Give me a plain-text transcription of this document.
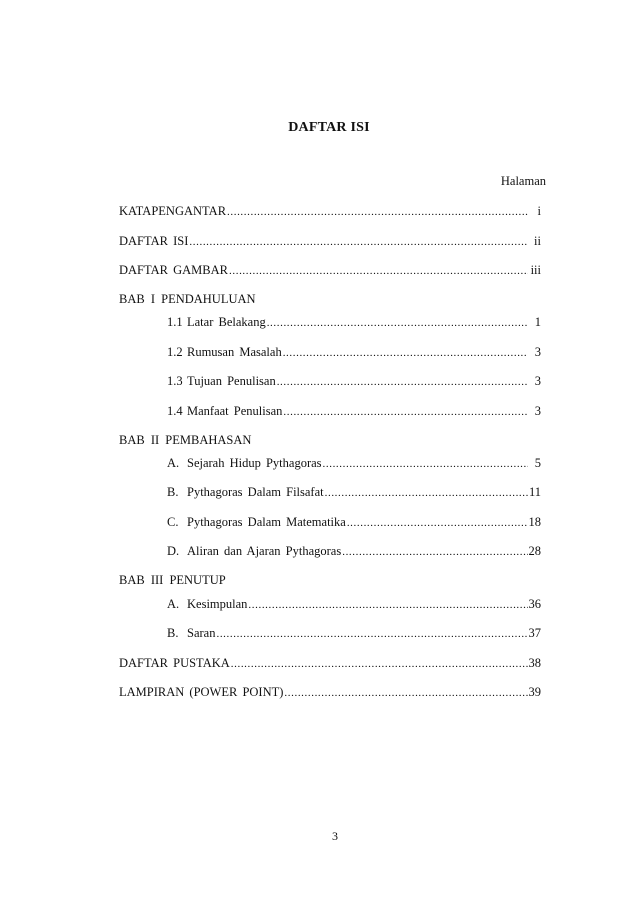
DAFTAR ISI
Halaman
KATAPENGANTAR .....	i
DAFTAR ISI .....	ii
DAFTAR GAMBAR .....	iii
BAB I PENDAHULUAN
1.1 Latar Belakang .....	1
1.2 Rumusan Masalah .....	3
1.3 Tujuan Penulisan .....	3
1.4 Manfaat Penulisan .....	3
BAB II PEMBAHASAN
A. Sejarah Hidup Pythagoras .....	5
B. Pythagoras Dalam Filsafat .....	11
C. Pythagoras Dalam Matematika .....	18
D. Aliran dan Ajaran Pythagoras .....	28
BAB III PENUTUP
A. Kesimpulan .....	36
B. Saran .....	37
DAFTAR PUSTAKA .....	38
LAMPIRAN (POWER POINT) .....	39
3
